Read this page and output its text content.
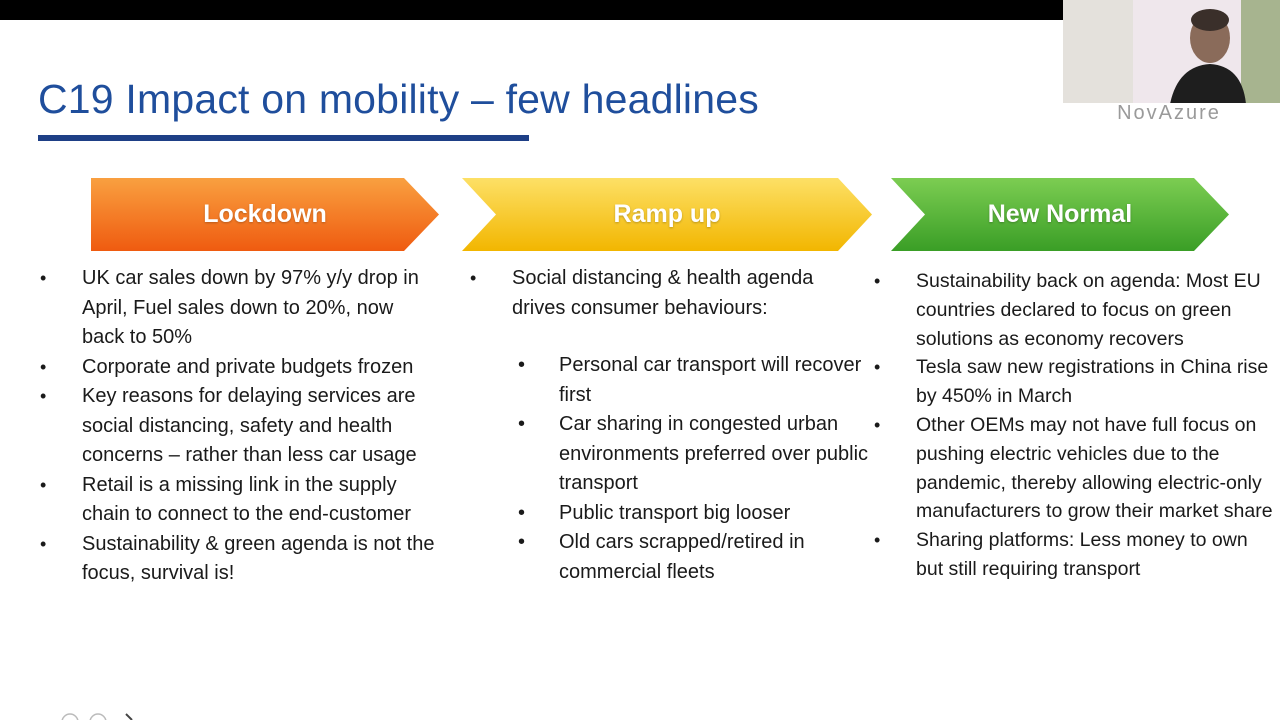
C19 Impact on mobility – few headlines	NovAzure
Lockdown	Ramp up	New Normal
• UK car sales down by 97% y/y drop in April, Fuel sales down to 20%, now back to 50%
• Corporate and private budgets frozen
• Key reasons for delaying services are social distancing, safety and health concerns – rather than less car usage
• Retail is a missing link in the supply chain to connect to the end-customer
• Sustainability & green agenda is not the focus, survival is!
• Social distancing & health agenda drives consumer behaviours:
• Personal car transport will recover first
• Car sharing in congested urban environments preferred over public transport
• Public transport big looser
• Old cars scrapped/retired in commercial fleets
• Sustainability back on agenda: Most EU countries declared to focus on green solutions as economy recovers
• Tesla saw new registrations in China rise by 450% in March
• Other OEMs may not have full focus on pushing electric vehicles due to the pandemic, thereby allowing electric-only manufacturers to grow their market share
• Sharing platforms: Less money to own but still requiring transport
